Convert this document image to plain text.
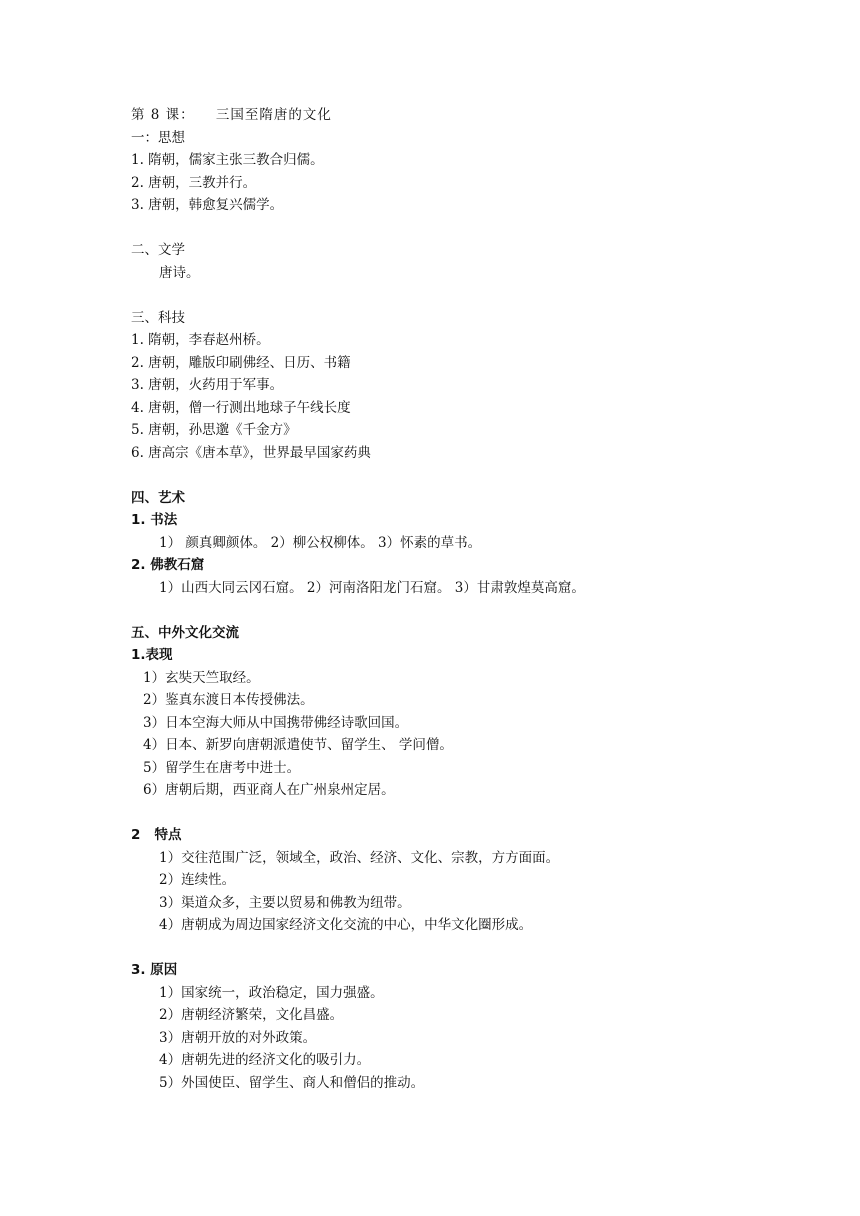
第 8 课： 三国至隋唐的文化
一：思想
1. 隋朝，儒家主张三教合归儒。
2. 唐朝，三教并行。
3. 唐朝，韩愈复兴儒学。
二、文学
唐诗。
三、科技
1. 隋朝，李春赵州桥。
2. 唐朝，雕版印刷佛经、日历、书籍
3. 唐朝，火药用于军事。
4. 唐朝，僧一行测出地球子午线长度
5. 唐朝，孙思邈《千金方》
6. 唐高宗《唐本草》，世界最早国家药典
四、艺术
1. 书法
1） 颜真卿颜体。 2）柳公权柳体。 3）怀素的草书。
2. 佛教石窟
1）山西大同云冈石窟。 2）河南洛阳龙门石窟。 3）甘肃敦煌莫高窟。
五、中外文化交流
1.表现
1）玄奘天竺取经。
2）鉴真东渡日本传授佛法。
3）日本空海大师从中国携带佛经诗歌回国。
4）日本、新罗向唐朝派遣使节、留学生、 学问僧。
5）留学生在唐考中进士。
6）唐朝后期，西亚商人在广州泉州定居。
2   特点
1）交往范围广泛，领域全，政治、经济、文化、宗教，方方面面。
2）连续性。
3）渠道众多，主要以贸易和佛教为纽带。
4）唐朝成为周边国家经济文化交流的中心，中华文化圈形成。
3. 原因
1）国家统一，政治稳定，国力强盛。
2）唐朝经济繁荣，文化昌盛。
3）唐朝开放的对外政策。
4）唐朝先进的经济文化的吸引力。
5）外国使臣、留学生、商人和僧侣的推动。
